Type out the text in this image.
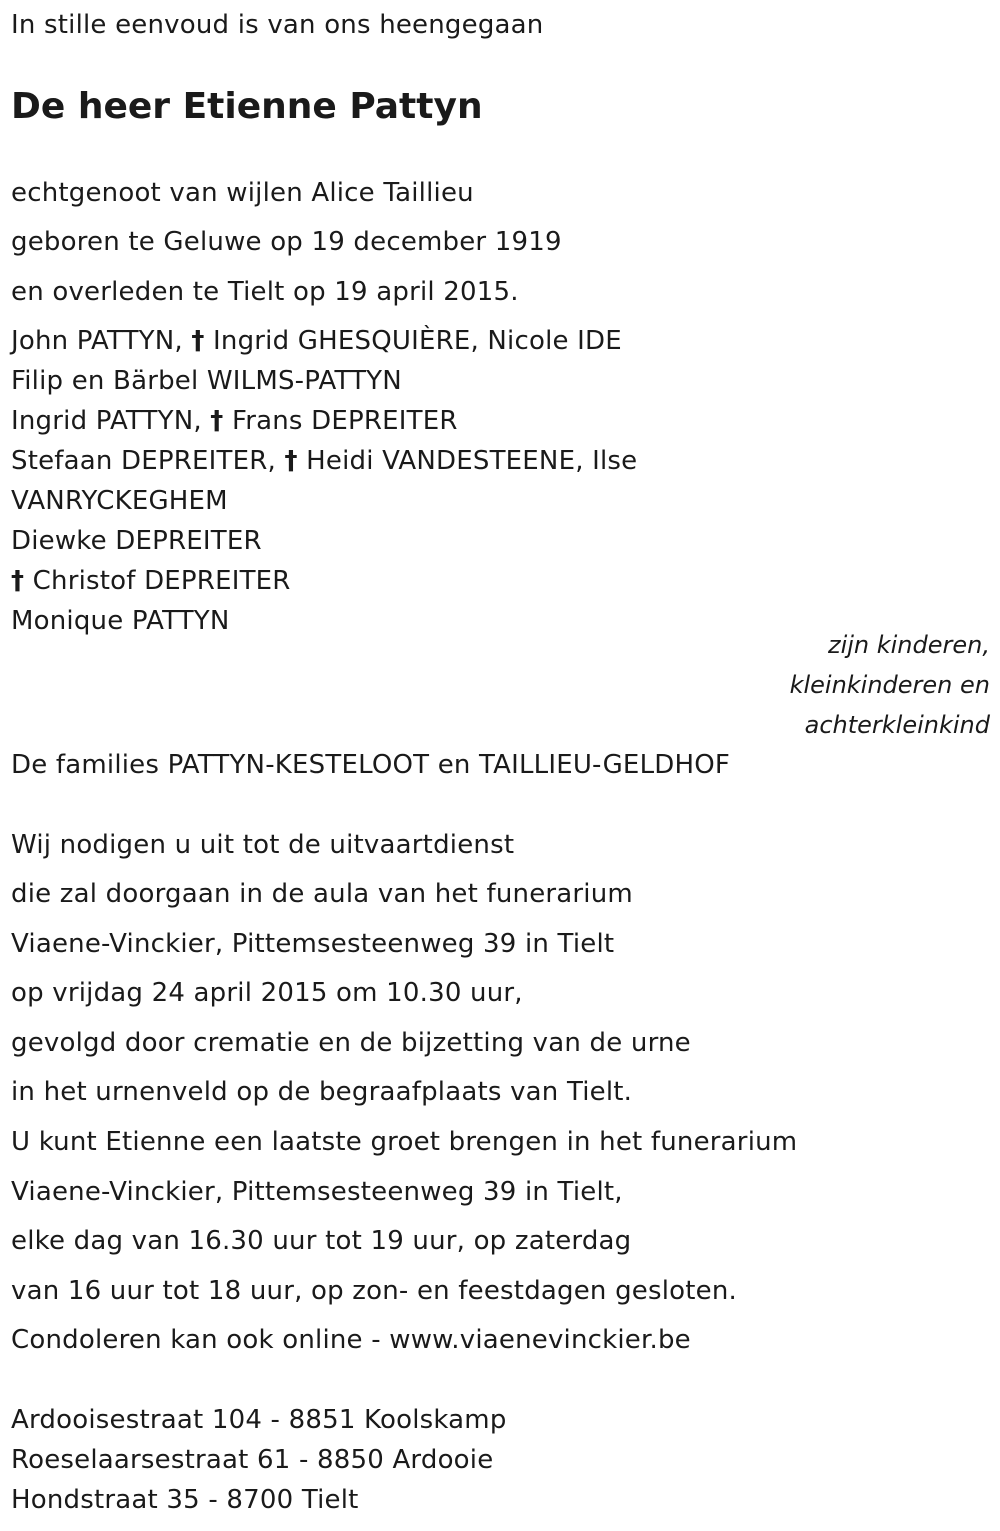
In stille eenvoud is van ons heengegaan
De heer Etienne Pattyn
echtgenoot van wijlen Alice Taillieu
geboren te Geluwe op 19 december 1919
en overleden te Tielt op 19 april 2015.
John PATTYN, † Ingrid GHESQUIÈRE, Nicole IDE
Filip en Bärbel WILMS-PATTYN
Ingrid PATTYN, † Frans DEPREITER
Stefaan DEPREITER, † Heidi VANDESTEENE, Ilse
VANRYCKEGHEM
Diewke DEPREITER
† Christof DEPREITER
Monique PATTYN
zijn kinderen,
kleinkinderen en
achterkleinkind
De families PATTYN-KESTELOOT en TAILLIEU-GELDHOF
Wij nodigen u uit tot de uitvaartdienst
die zal doorgaan in de aula van het funerarium
Viaene-Vinckier, Pittemsesteenweg 39 in Tielt
op vrijdag 24 april 2015 om 10.30 uur,
gevolgd door crematie en de bijzetting van de urne
in het urnenveld op de begraafplaats van Tielt.
U kunt Etienne een laatste groet brengen in het funerarium
Viaene-Vinckier, Pittemsesteenweg 39 in Tielt,
elke dag van 16.30 uur tot 19 uur, op zaterdag
van 16 uur tot 18 uur, op zon- en feestdagen gesloten.
Condoleren kan ook online - www.viaenevinckier.be
Ardooisestraat 104 - 8851 Koolskamp
Roeselaarsestraat 61 - 8850 Ardooie
Hondstraat 35 - 8700 Tielt
